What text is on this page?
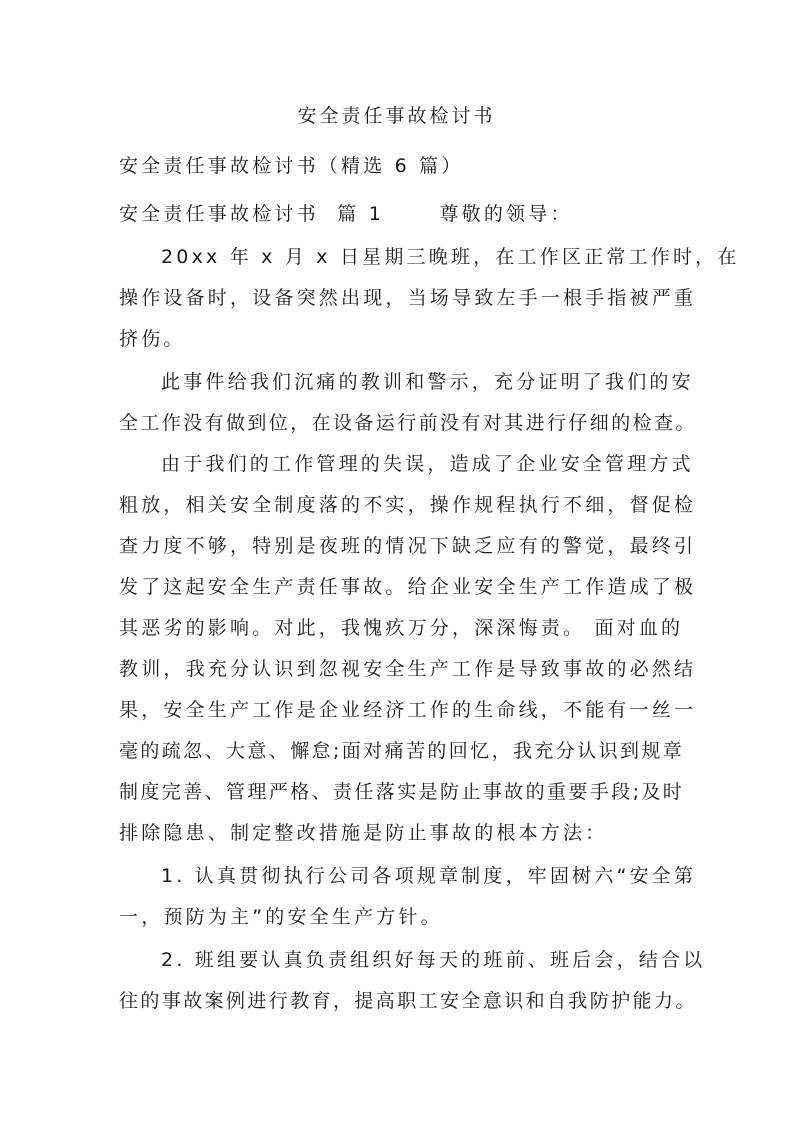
安全责任事故检讨书
安全责任事故检讨书（精选 6 篇）
安全责任事故检讨书  篇 1      尊敬的领导：
20xx 年 x 月 x 日星期三晚班，在工作区正常工作时，在
操作设备时，设备突然出现，当场导致左手一根手指被严重
挤伤。
此事件给我们沉痛的教训和警示，充分证明了我们的安
全工作没有做到位，在设备运行前没有对其进行仔细的检查。
由于我们的工作管理的失误，造成了企业安全管理方式
粗放，相关安全制度落的不实，操作规程执行不细，督促检
查力度不够，特别是夜班的情况下缺乏应有的警觉，最终引
发了这起安全生产责任事故。给企业安全生产工作造成了极
其恶劣的影响。对此，我愧疚万分，深深悔责。 面对血的
教训，我充分认识到忽视安全生产工作是导致事故的必然结
果，安全生产工作是企业经济工作的生命线，不能有一丝一
毫的疏忽、大意、懈怠;面对痛苦的回忆，我充分认识到规章
制度完善、管理严格、责任落实是防止事故的重要手段;及时
排除隐患、制定整改措施是防止事故的根本方法：
1. 认真贯彻执行公司各项规章制度，牢固树六“安全第
一，预防为主”的安全生产方针。
2. 班组要认真负责组织好每天的班前、班后会，结合以
往的事故案例进行教育，提高职工安全意识和自我防护能力。
